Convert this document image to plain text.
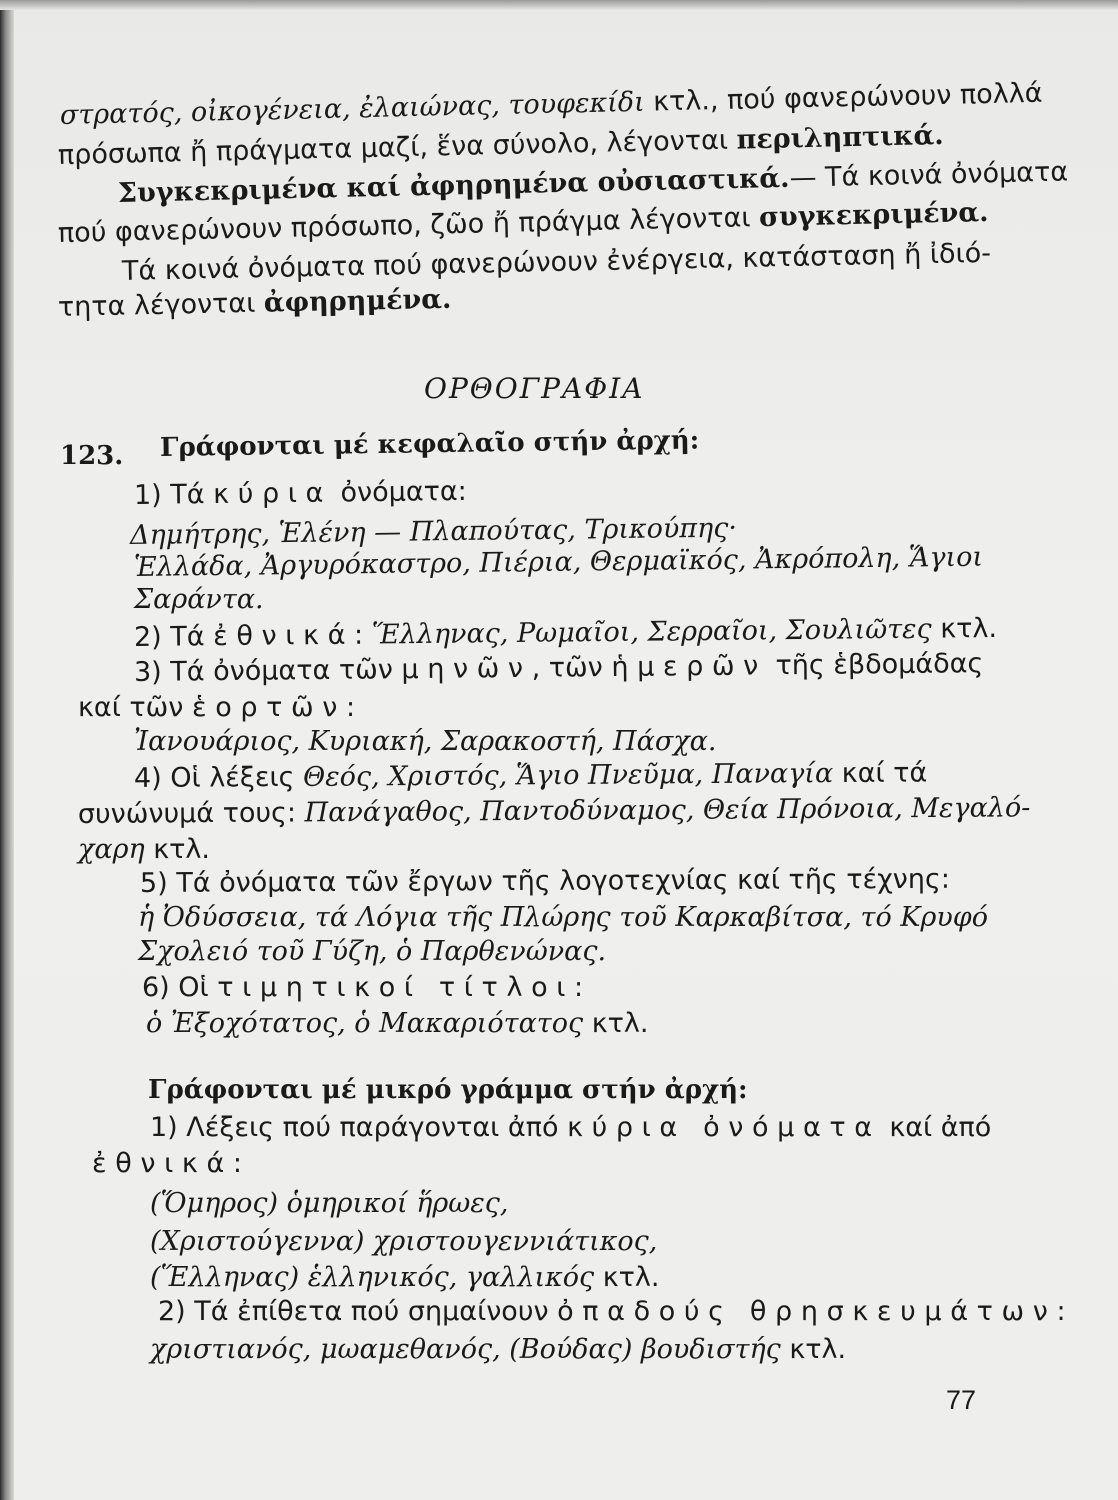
στρατός, οἰκογένεια, ἐλαιώνας, τουφεκίδι κτλ., πού φανερώνουν πολλά
πρόσωπα ἤ πράγματα μαζί, ἕνα σύνολο, λέγονται περιληπτικά.
Συγκεκριμένα καί ἀφηρημένα οὐσιαστικά.— Τά κοινά ὀνόματα
πού φανερώνουν πρόσωπο, ζῶο ἤ πράγμα λέγονται συγκεκριμένα.
Τά κοινά ὀνόματα πού φανερώνουν ἐνέργεια, κατάσταση ἤ ἰδιό-
τητα λέγονται ἀφηρημένα.
ΟΡΘΟΓΡΑΦΙΑ
123. Γράφονται μέ κεφαλαῖο στήν ἀρχή:
1) Τά κύρια ὀνόματα:
Δημήτρης, Ἑλένη — Πλαπούτας, Τρικούπης·
Ἑλλάδα, Ἀργυρόκαστρο, Πιέρια, Θερμαϊκός, Ἀκρόπολη, Ἅγιοι
Σαράντα.
2) Τά ἐθνικά: Ἕλληνας, Ρωμαῖοι, Σερραῖοι, Σουλιῶτες κτλ.
3) Τά ὀνόματα τῶν μηνῶν, τῶν ἡμερῶν τῆς ἑβδομάδας
καί τῶν ἑορτῶν:
Ἰανουάριος, Κυριακή, Σαρακοστή, Πάσχα.
4) Οἱ λέξεις Θεός, Χριστός, Ἅγιο Πνεῦμα, Παναγία καί τά
συνώνυμά τους: Πανάγαθος, Παντοδύναμος, Θεία Πρόνοια, Μεγαλό-
χαρη κτλ.
5) Τά ὀνόματα τῶν ἔργων τῆς λογοτεχνίας καί τῆς τέχνης:
ἡ Ὀδύσσεια, τά Λόγια τῆς Πλώρης τοῦ Καρκαβίτσα, τό Κρυφό
Σχολειό τοῦ Γύζη, ὁ Παρθενώνας.
6) Οἱ τιμητικοί τίτλοι:
ὁ Ἐξοχότατος, ὁ Μακαριότατος κτλ.
Γράφονται μέ μικρό γράμμα στήν ἀρχή:
1) Λέξεις πού παράγονται ἀπό κύρια ὀνόματα καί ἀπό
ἐθνικά:
(Ὅμηρος) ὁμηρικοί ἥρωες,
(Χριστούγεννα) χριστουγεννιάτικος,
(Ἕλληνας) ἑλληνικός, γαλλικός κτλ.
2) Τά ἐπίθετα πού σημαίνουν ὀπαδούς θρησκευμάτων:
χριστιανός, μωαμεθανός, (Βούδας) βουδιστής κτλ.
77
